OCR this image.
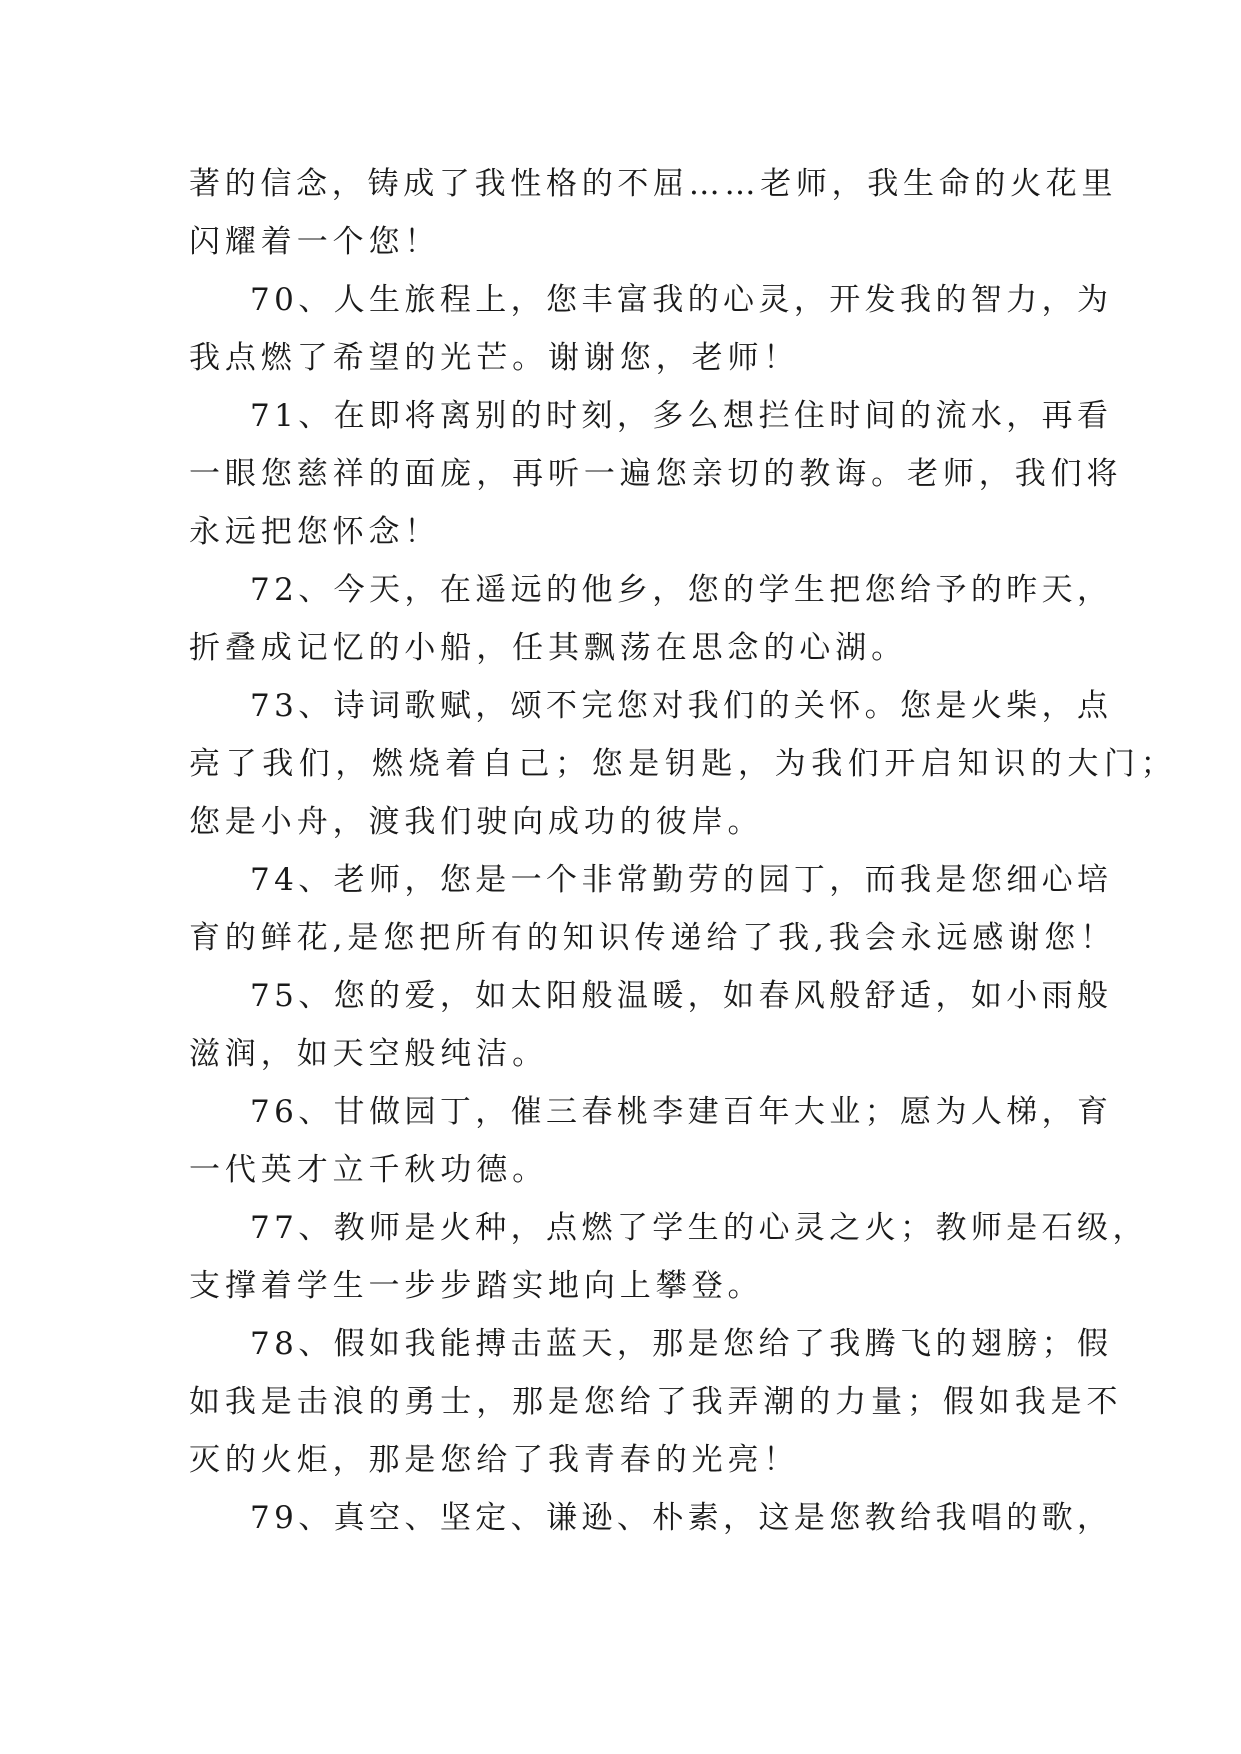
著的信念，铸成了我性格的不屈……老师，我生命的火花里
闪耀着一个您！
70、人生旅程上，您丰富我的心灵，开发我的智力，为
我点燃了希望的光芒。谢谢您，老师！
71、在即将离别的时刻，多么想拦住时间的流水，再看
一眼您慈祥的面庞，再听一遍您亲切的教诲。老师，我们将
永远把您怀念！
72、今天，在遥远的他乡，您的学生把您给予的昨天，
折叠成记忆的小船，任其飘荡在思念的心湖。
73、诗词歌赋，颂不完您对我们的关怀。您是火柴，点
亮了我们，燃烧着自己；您是钥匙，为我们开启知识的大门；
您是小舟，渡我们驶向成功的彼岸。
74、老师，您是一个非常勤劳的园丁，而我是您细心培
育的鲜花,是您把所有的知识传递给了我,我会永远感谢您！
75、您的爱，如太阳般温暖，如春风般舒适，如小雨般
滋润，如天空般纯洁。
76、甘做园丁，催三春桃李建百年大业；愿为人梯，育
一代英才立千秋功德。
77、教师是火种，点燃了学生的心灵之火；教师是石级，
支撑着学生一步步踏实地向上攀登。
78、假如我能搏击蓝天，那是您给了我腾飞的翅膀；假
如我是击浪的勇士，那是您给了我弄潮的力量；假如我是不
灭的火炬，那是您给了我青春的光亮！
79、真空、坚定、谦逊、朴素，这是您教给我唱的歌，
